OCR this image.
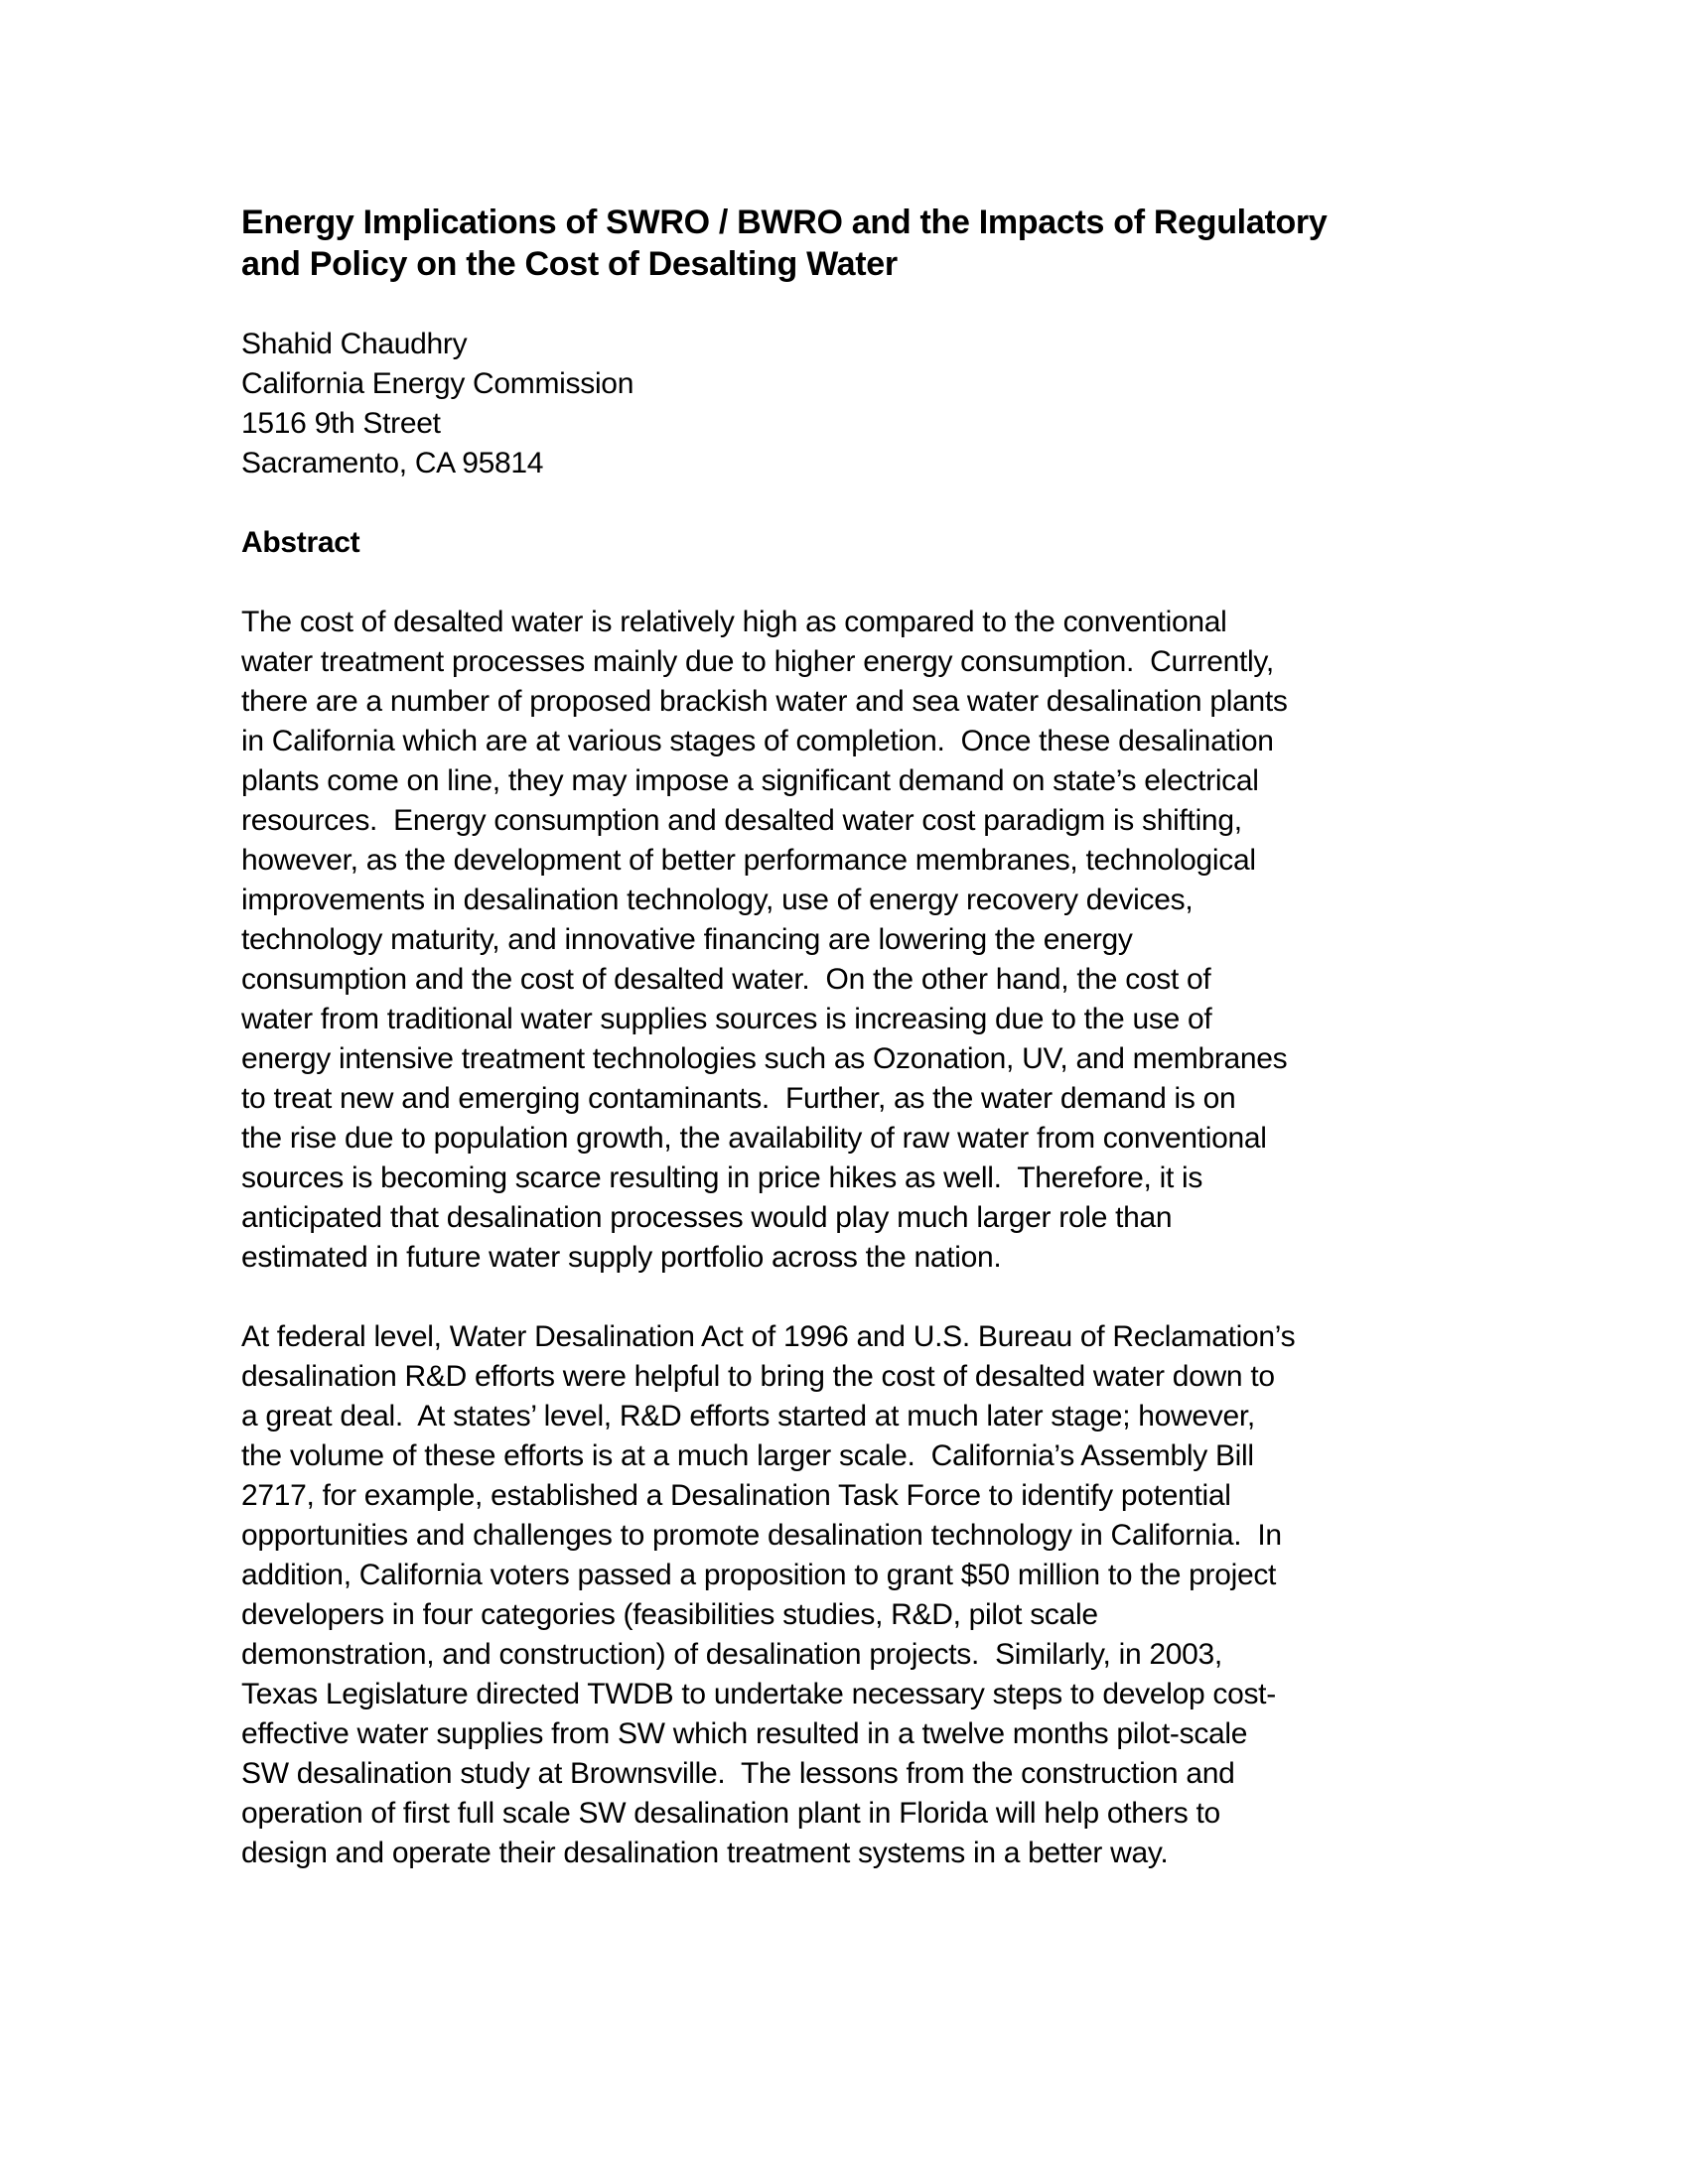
Energy Implications of SWRO / BWRO and the Impacts of Regulatory
and Policy on the Cost of Desalting Water
Shahid Chaudhry
California Energy Commission
1516 9th Street
Sacramento, CA 95814
Abstract
The cost of desalted water is relatively high as compared to the conventional
water treatment processes mainly due to higher energy consumption.  Currently,
there are a number of proposed brackish water and sea water desalination plants
in California which are at various stages of completion.  Once these desalination
plants come on line, they may impose a significant demand on state’s electrical
resources.  Energy consumption and desalted water cost paradigm is shifting,
however, as the development of better performance membranes, technological
improvements in desalination technology, use of energy recovery devices,
technology maturity, and innovative financing are lowering the energy
consumption and the cost of desalted water.  On the other hand, the cost of
water from traditional water supplies sources is increasing due to the use of
energy intensive treatment technologies such as Ozonation, UV, and membranes
to treat new and emerging contaminants.  Further, as the water demand is on
the rise due to population growth, the availability of raw water from conventional
sources is becoming scarce resulting in price hikes as well.  Therefore, it is
anticipated that desalination processes would play much larger role than
estimated in future water supply portfolio across the nation.
At federal level, Water Desalination Act of 1996 and U.S. Bureau of Reclamation’s
desalination R&D efforts were helpful to bring the cost of desalted water down to
a great deal.  At states’ level, R&D efforts started at much later stage; however,
the volume of these efforts is at a much larger scale.  California’s Assembly Bill
2717, for example, established a Desalination Task Force to identify potential
opportunities and challenges to promote desalination technology in California.  In
addition, California voters passed a proposition to grant $50 million to the project
developers in four categories (feasibilities studies, R&D, pilot scale
demonstration, and construction) of desalination projects.  Similarly, in 2003,
Texas Legislature directed TWDB to undertake necessary steps to develop cost-
effective water supplies from SW which resulted in a twelve months pilot-scale
SW desalination study at Brownsville.  The lessons from the construction and
operation of first full scale SW desalination plant in Florida will help others to
design and operate their desalination treatment systems in a better way.
